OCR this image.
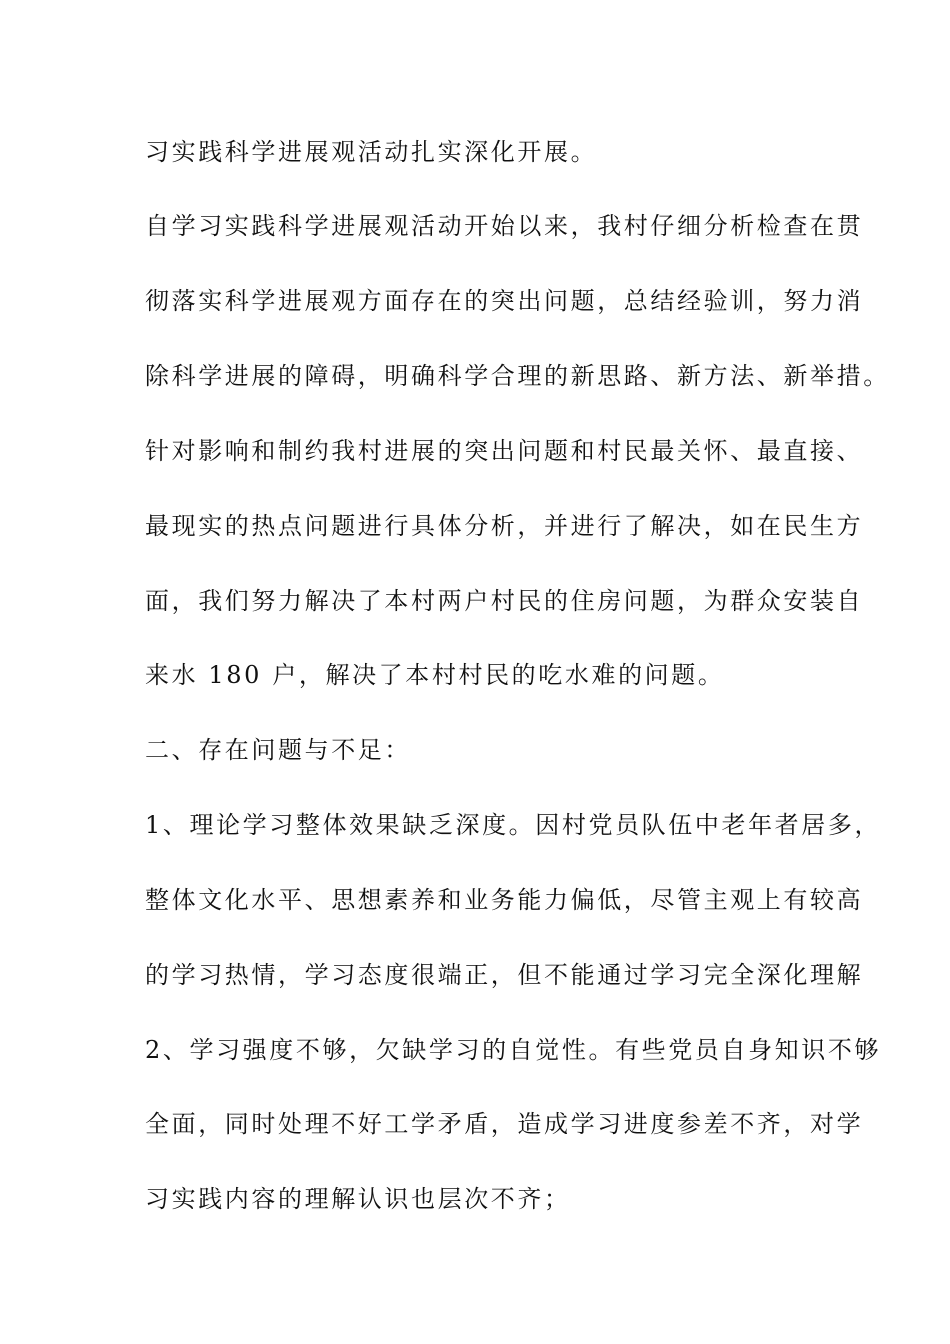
习实践科学进展观活动扎实深化开展。
自学习实践科学进展观活动开始以来，我村仔细分析检查在贯
彻落实科学进展观方面存在的突出问题，总结经验训，努力消
除科学进展的障碍，明确科学合理的新思路、新方法、新举措。
针对影响和制约我村进展的突出问题和村民最关怀、最直接、
最现实的热点问题进行具体分析，并进行了解决，如在民生方
面，我们努力解决了本村两户村民的住房问题，为群众安装自
来水 180 户，解决了本村村民的吃水难的问题。
二、存在问题与不足：
1、理论学习整体效果缺乏深度。因村党员队伍中老年者居多，
整体文化水平、思想素养和业务能力偏低，尽管主观上有较高
的学习热情，学习态度很端正，但不能通过学习完全深化理解
2、学习强度不够，欠缺学习的自觉性。有些党员自身知识不够
全面，同时处理不好工学矛盾，造成学习进度参差不齐，对学
习实践内容的理解认识也层次不齐；
